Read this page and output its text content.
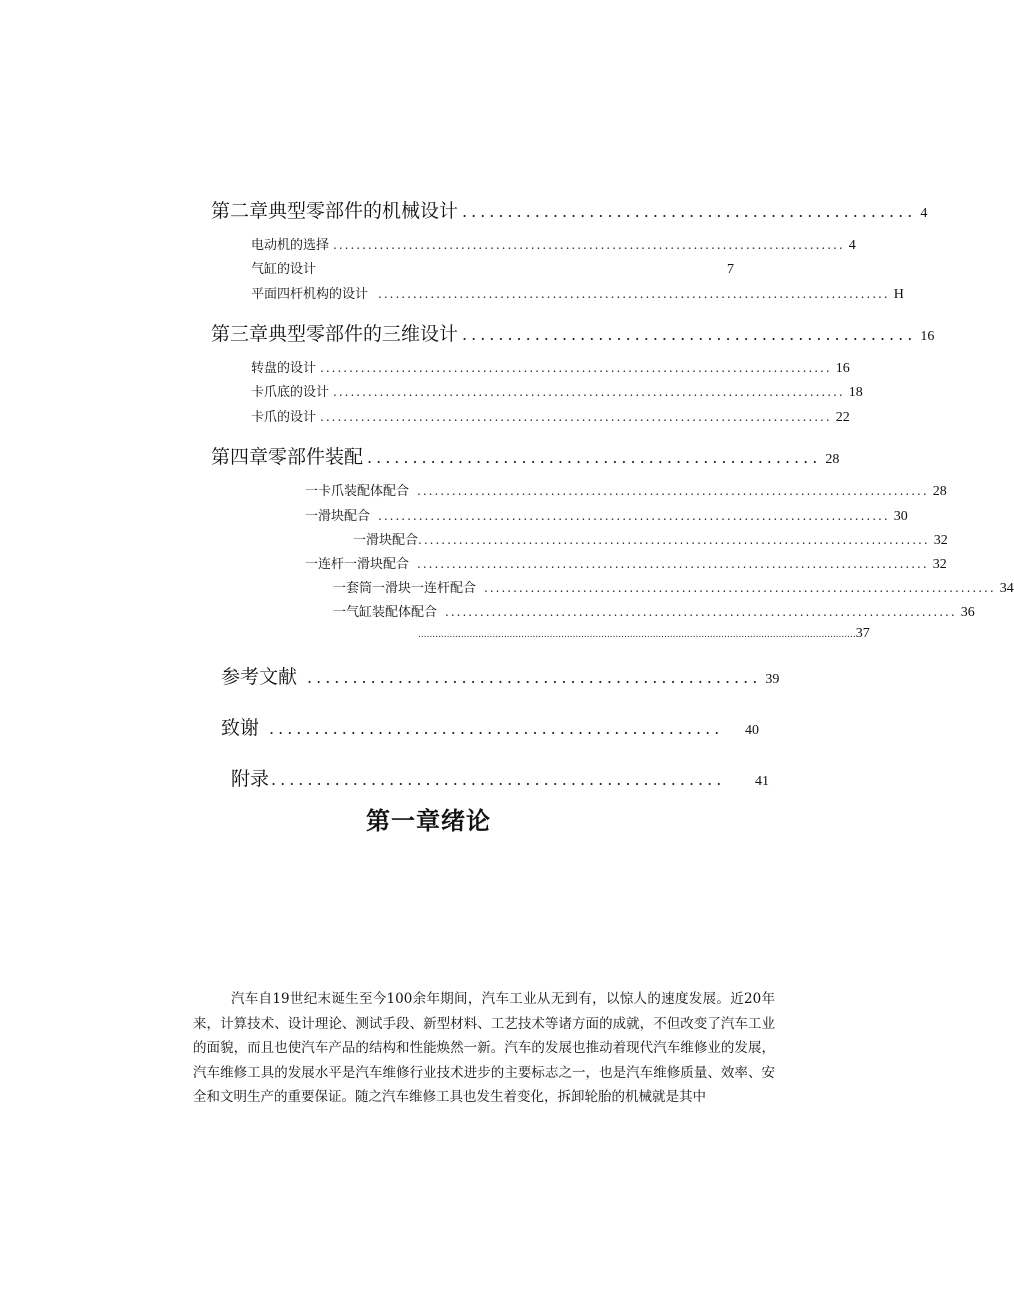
第二章典型零部件的机械设计 .................................................. 4
电动机的选择 ........................................................................................ 4
气缸的设计	7
平面四杆机构的设计 ........................................................................................ H
第三章典型零部件的三维设计 .................................................. 16
转盘的设计 ........................................................................................ 16
卡爪底的设计 ........................................................................................ 18
卡爪的设计 ........................................................................................ 22
第四章零部件装配 .................................................. 28
一卡爪装配体配合 ........................................................................................ 28
一滑块配合 ........................................................................................ 30
一滑块配合 ........................................................................................ 32
一连杆一滑块配合 ........................................................................................ 32
一套筒一滑块一连杆配合 ........................................................................................ 34
一气缸装配体配合 ........................................................................................ 36
......................................................................................................................................................... 37
参考文献 .................................................. 39
致谢 ..................................................	40
附录 ..................................................	41
第一章绪论
汽车自19世纪末诞生至今100余年期间，汽车工业从无到有，以惊人的速度发展。近20年来，计算技术、设计理论、测试手段、新型材料、工艺技术等诸方面的成就，不但改变了汽车工业的面貌，而且也使汽车产品的结构和性能焕然一新。汽车的发展也推动着现代汽车维修业的发展，汽车维修工具的发展水平是汽车维修行业技术进步的主要标志之一，也是汽车维修质量、效率、安全和文明生产的重要保证。随之汽车维修工具也发生着变化，拆卸轮胎的机械就是其中
